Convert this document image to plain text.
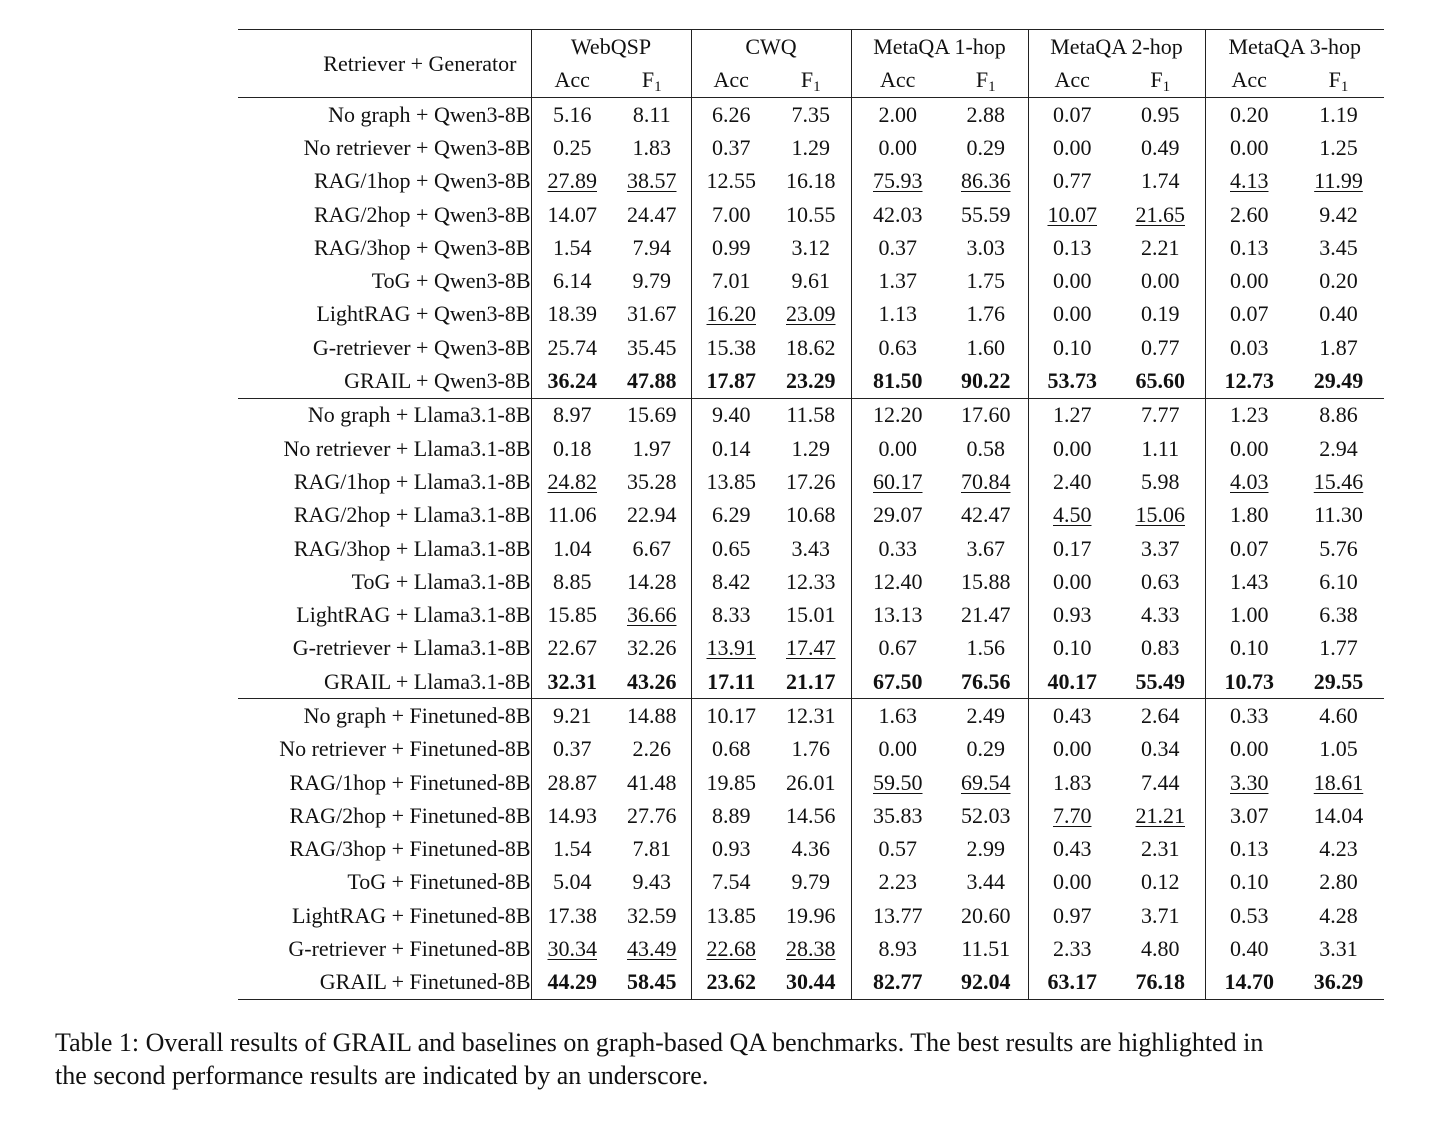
Retriever + Generator	WebQSP		CWQ		MetaQA 1-hop		MetaQA 2-hop		MetaQA 3-hop	
	Acc	$F_1$	Acc	$F_1$	Acc	$F_1$	Acc	$F_1$	Acc	$F_1$
No graph + Qwen3-8B	5.16	8.11	6.26	7.35	2.00	2.88	0.07	0.95	0.20	1.19
No retriever + Qwen3-8B	0.25	1.83	0.37	1.29	0.00	0.29	0.00	0.49	0.00	1.25
RAG/1hop + Qwen3-8B	27.89	38.57	12.55	16.18	75.93	86.36	0.77	1.74	4.13	11.99
RAG/2hop + Qwen3-8B	14.07	24.47	7.00	10.55	42.03	55.59	10.07	21.65	2.60	9.42
RAG/3hop + Qwen3-8B	1.54	7.94	0.99	3.12	0.37	3.03	0.13	2.21	0.13	3.45
ToG + Qwen3-8B	6.14	9.79	7.01	9.61	1.37	1.75	0.00	0.00	0.00	0.20
LightRAG + Qwen3-8B	18.39	31.67	16.20	23.09	1.13	1.76	0.00	0.19	0.07	0.40
G-retriever + Qwen3-8B	25.74	35.45	15.38	18.62	0.63	1.60	0.10	0.77	0.03	1.87
GRAIL + Qwen3-8B	36.24	47.88	17.87	23.29	81.50	90.22	53.73	65.60	12.73	29.49
No graph + Llama3.1-8B	8.97	15.69	9.40	11.58	12.20	17.60	1.27	7.77	1.23	8.86
No retriever + Llama3.1-8B	0.18	1.97	0.14	1.29	0.00	0.58	0.00	1.11	0.00	2.94
RAG/1hop + Llama3.1-8B	24.82	35.28	13.85	17.26	60.17	70.84	2.40	5.98	4.03	15.46
RAG/2hop + Llama3.1-8B	11.06	22.94	6.29	10.68	29.07	42.47	4.50	15.06	1.80	11.30
RAG/3hop + Llama3.1-8B	1.04	6.67	0.65	3.43	0.33	3.67	0.17	3.37	0.07	5.76
ToG + Llama3.1-8B	8.85	14.28	8.42	12.33	12.40	15.88	0.00	0.63	1.43	6.10
LightRAG + Llama3.1-8B	15.85	36.66	8.33	15.01	13.13	21.47	0.93	4.33	1.00	6.38
G-retriever + Llama3.1-8B	22.67	32.26	13.91	17.47	0.67	1.56	0.10	0.83	0.10	1.77
GRAIL + Llama3.1-8B	32.31	43.26	17.11	21.17	67.50	76.56	40.17	55.49	10.73	29.55
No graph + Finetuned-8B	9.21	14.88	10.17	12.31	1.63	2.49	0.43	2.64	0.33	4.60
No retriever + Finetuned-8B	0.37	2.26	0.68	1.76	0.00	0.29	0.00	0.34	0.00	1.05
RAG/1hop + Finetuned-8B	28.87	41.48	19.85	26.01	59.50	69.54	1.83	7.44	3.30	18.61
RAG/2hop + Finetuned-8B	14.93	27.76	8.89	14.56	35.83	52.03	7.70	21.21	3.07	14.04
RAG/3hop + Finetuned-8B	1.54	7.81	0.93	4.36	0.57	2.99	0.43	2.31	0.13	4.23
ToG + Finetuned-8B	5.04	9.43	7.54	9.79	2.23	3.44	0.00	0.12	0.10	2.80
LightRAG + Finetuned-8B	17.38	32.59	13.85	19.96	13.77	20.60	0.97	3.71	0.53	4.28
G-retriever + Finetuned-8B	30.34	43.49	22.68	28.38	8.93	11.51	2.33	4.80	0.40	3.31
GRAIL + Finetuned-8B	44.29	58.45	23.62	30.44	82.77	92.04	63.17	76.18	14.70	36.29
Table 1: Overall results of GRAIL and baselines on graph-based QA benchmarks. The best results are highlighted in
the second performance results are indicated by an underscore.
